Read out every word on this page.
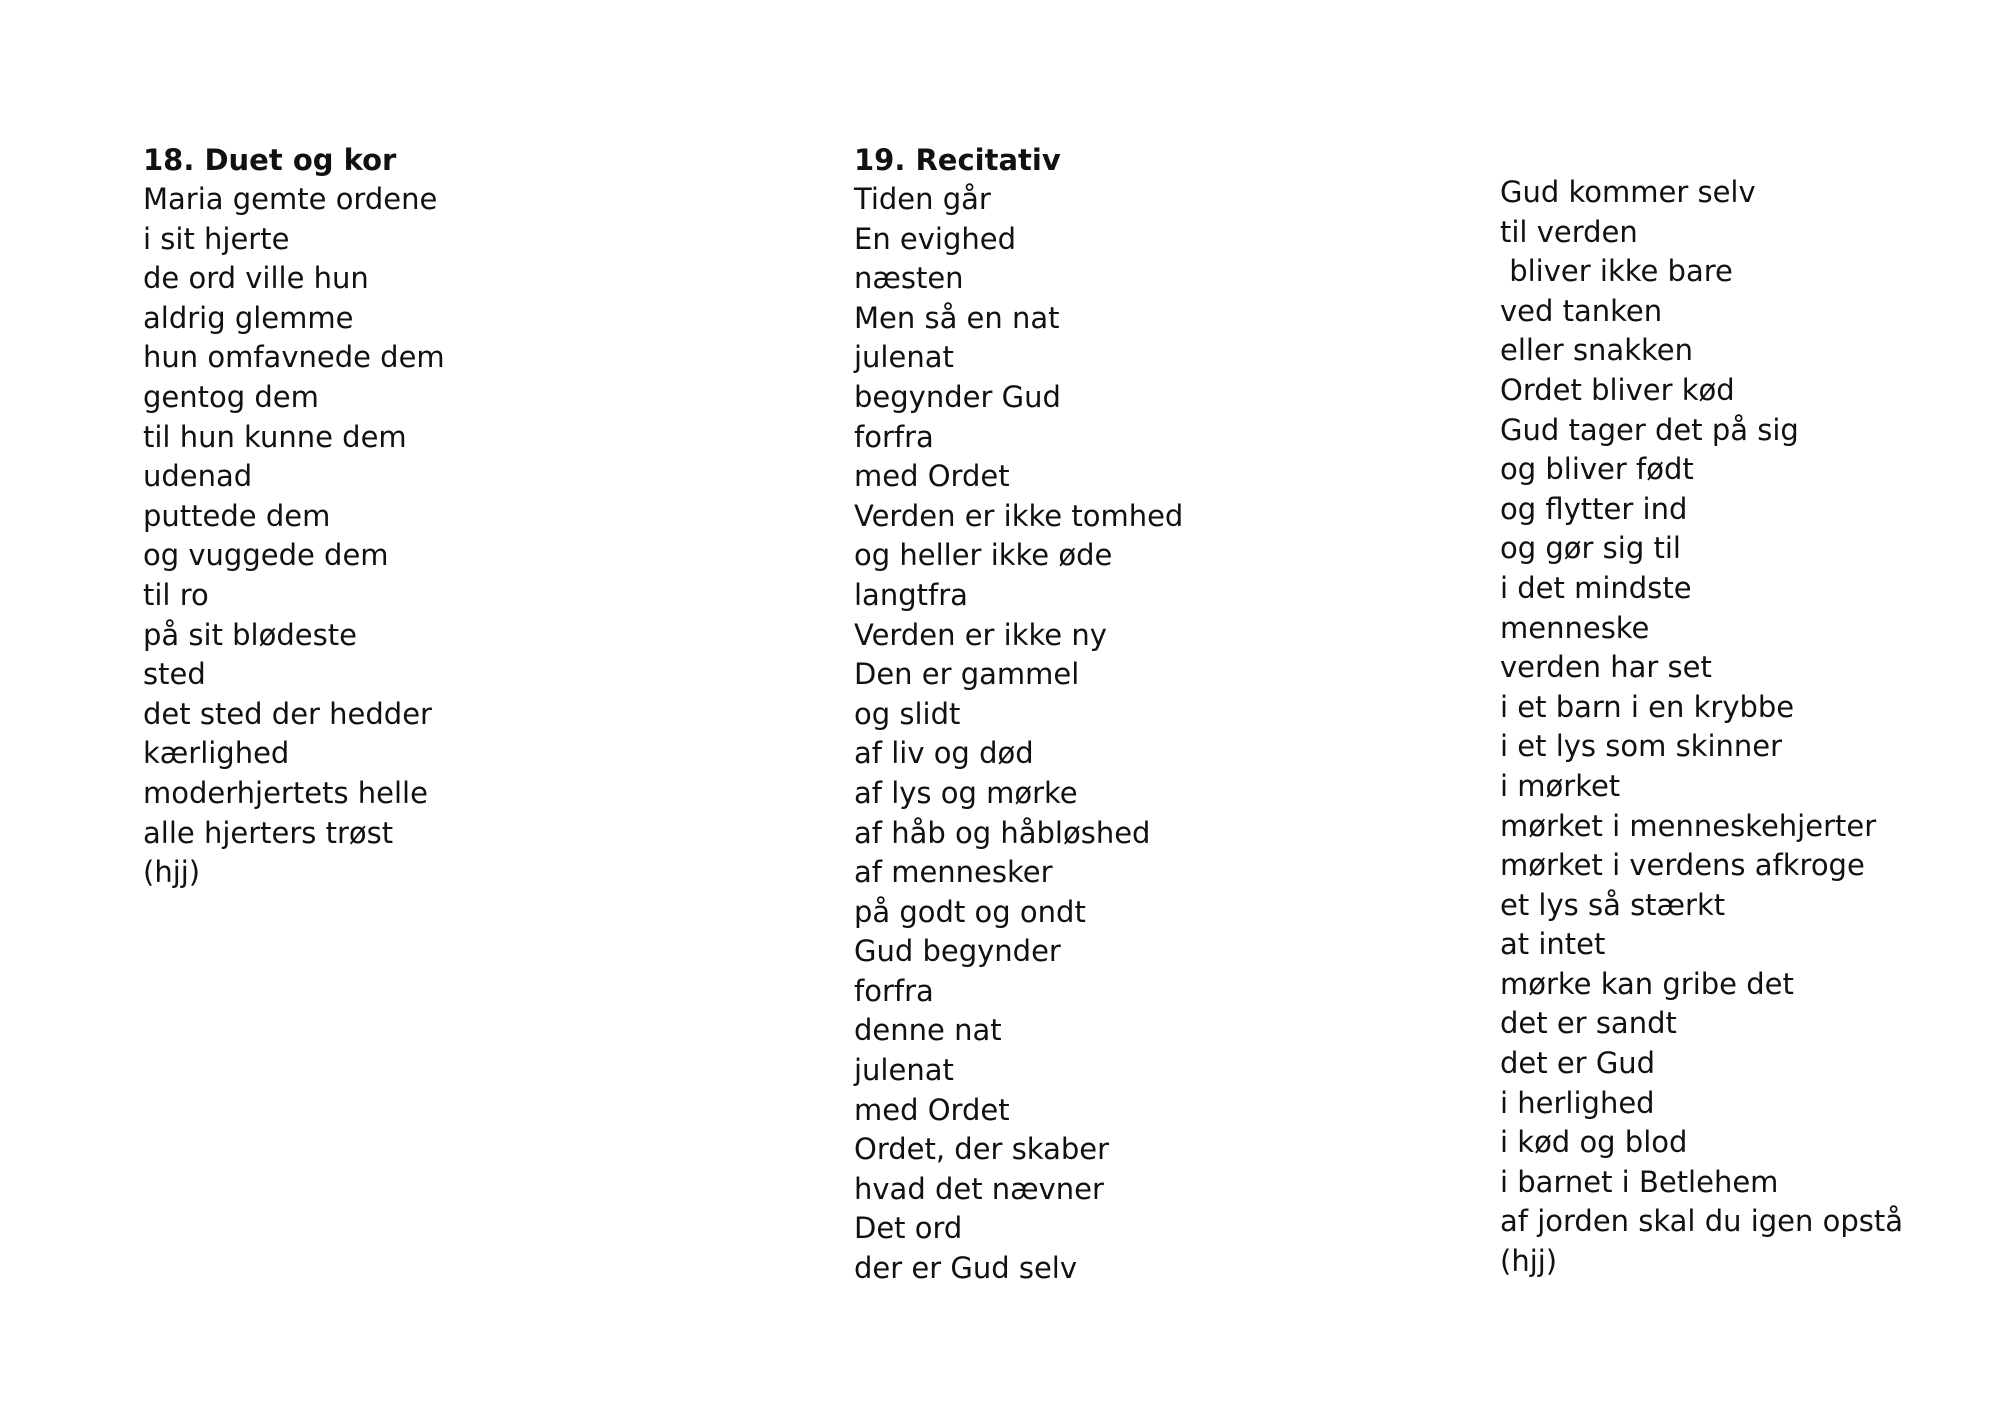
18. Duet og kor
Maria gemte ordene
i sit hjerte
de ord ville hun
aldrig glemme
hun omfavnede dem
gentog dem
til hun kunne dem
udenad
puttede dem
og vuggede dem
til ro
på sit blødeste
sted
det sted der hedder
kærlighed
moderhjertets helle
alle hjerters trøst
(hjj)
19. Recitativ
Tiden går
En evighed
næsten
Men så en nat
julenat
begynder Gud
forfra
med Ordet
Verden er ikke tomhed
og heller ikke øde
langtfra
Verden er ikke ny
Den er gammel
og slidt
af liv og død
af lys og mørke
af håb og håbløshed
af mennesker
på godt og ondt
Gud begynder
forfra
denne nat
julenat
med Ordet
Ordet, der skaber
hvad det nævner
Det ord
der er Gud selv
Gud kommer selv
til verden
bliver ikke bare
ved tanken
eller snakken
Ordet bliver kød
Gud tager det på sig
og bliver født
og flytter ind
og gør sig til
i det mindste
menneske
verden har set
i et barn i en krybbe
i et lys som skinner
i mørket
mørket i menneskehjerter
mørket i verdens afkroge
et lys så stærkt
at intet
mørke kan gribe det
det er sandt
det er Gud
i herlighed
i kød og blod
i barnet i Betlehem
af jorden skal du igen opstå
(hjj)
